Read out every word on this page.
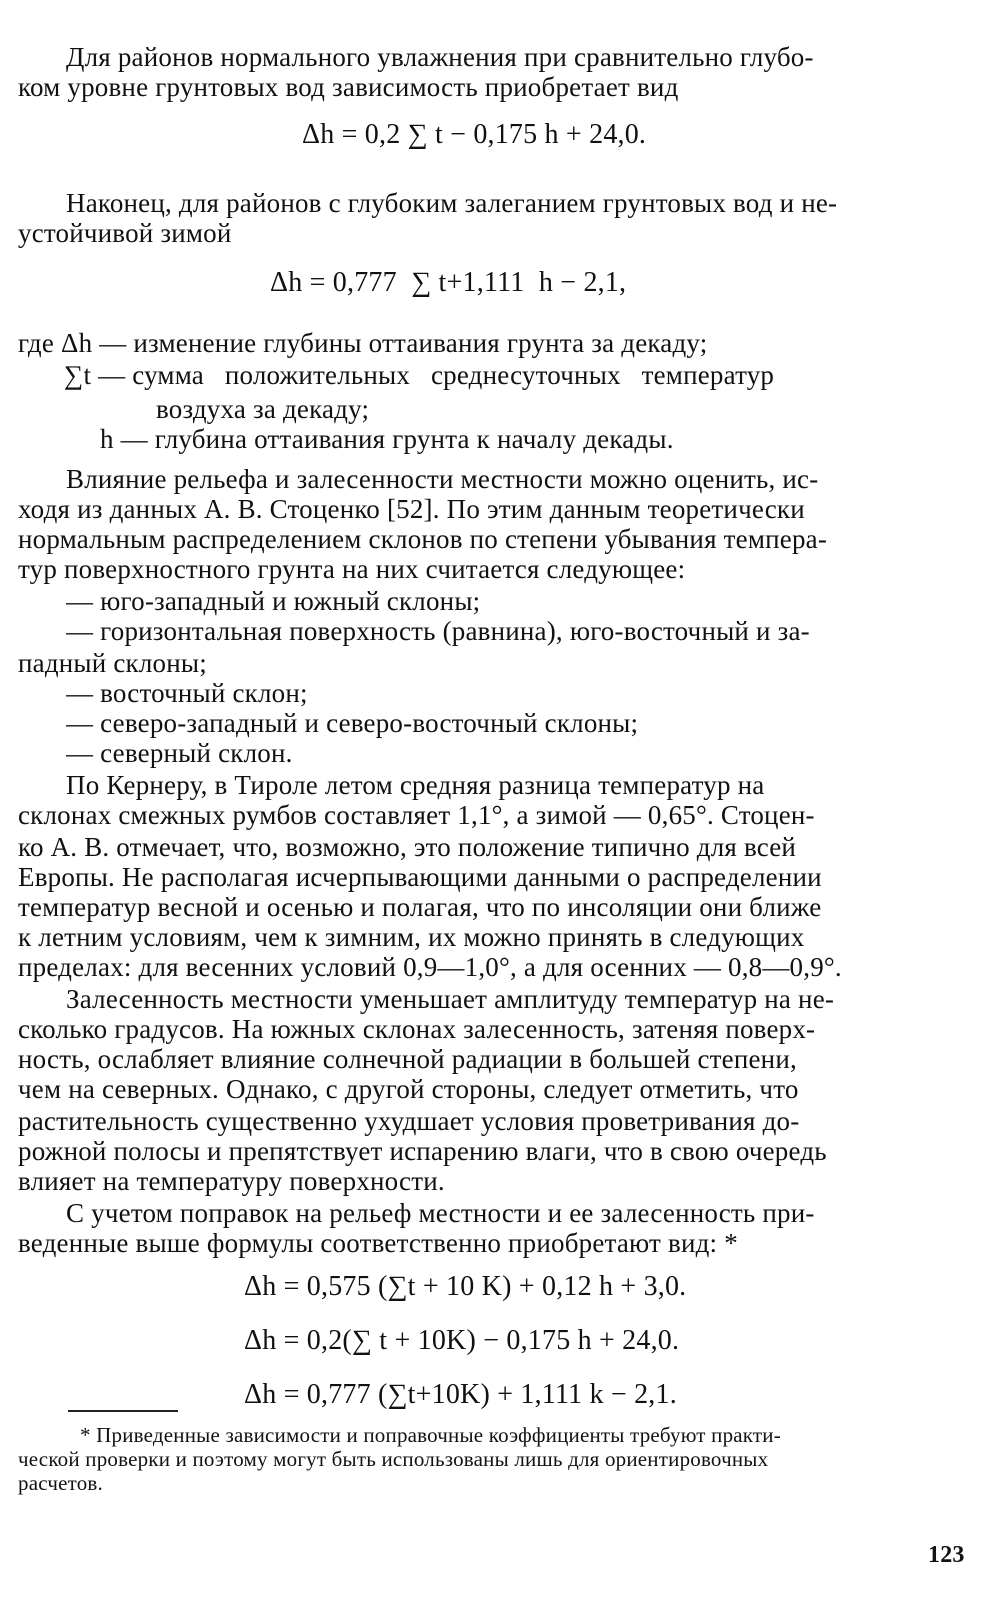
Для районов нормального увлажнения при сравнительно глубо-
ком уровне грунтовых вод зависимость приобретает вид
Δh = 0,2 ∑ t − 0,175 h + 24,0.
Наконец, для районов с глубоким залеганием грунтовых вод и не-
устойчивой зимой
Δh = 0,777  ∑ t+1,111  h − 2,1,
где Δh — изменение глубины оттаивания грунта за декаду;
∑t — сумма   положительных   среднесуточных   температур
воздуха за декаду;
h — глубина оттаивания грунта к началу декады.
Влияние рельефа и залесенности местности можно оценить, ис-
ходя из данных А. В. Стоценко [52]. По этим данным теоретически
нормальным распределением склонов по степени убывания темпера-
тур поверхностного грунта на них считается следующее:
— юго-западный и южный склоны;
— горизонтальная поверхность (равнина), юго-восточный и за-
падный склоны;
— восточный склон;
— северо-западный и северо-восточный склоны;
— северный склон.
По Кернеру, в Тироле летом средняя разница температур на
склонах смежных румбов составляет 1,1°, а зимой — 0,65°. Стоцен-
ко А. В. отмечает, что, возможно, это положение типично для всей
Европы. Не располагая исчерпывающими данными о распределении
температур весной и осенью и полагая, что по инсоляции они ближе
к летним условиям, чем к зимним, их можно принять в следующих
пределах: для весенних условий 0,9—1,0°, а для осенних — 0,8—0,9°.
Залесенность местности уменьшает амплитуду температур на не-
сколько градусов. На южных склонах залесенность, затеняя поверх-
ность, ослабляет влияние солнечной радиации в большей степени,
чем на северных. Однако, с другой стороны, следует отметить, что
растительность существенно ухудшает условия проветривания до-
рожной полосы и препятствует испарению влаги, что в свою очередь
влияет на температуру поверхности.
С учетом поправок на рельеф местности и ее залесенность при-
веденные выше формулы соответственно приобретают вид: *
Δh = 0,575 (∑t + 10 K) + 0,12 h + 3,0.
Δh = 0,2(∑ t + 10K) − 0,175 h + 24,0.
Δh = 0,777 (∑t+10K) + 1,111 k − 2,1.
* Приведенные зависимости и поправочные коэффициенты требуют практи-
ческой проверки и поэтому могут быть использованы лишь для ориентировочных
расчетов.
123
